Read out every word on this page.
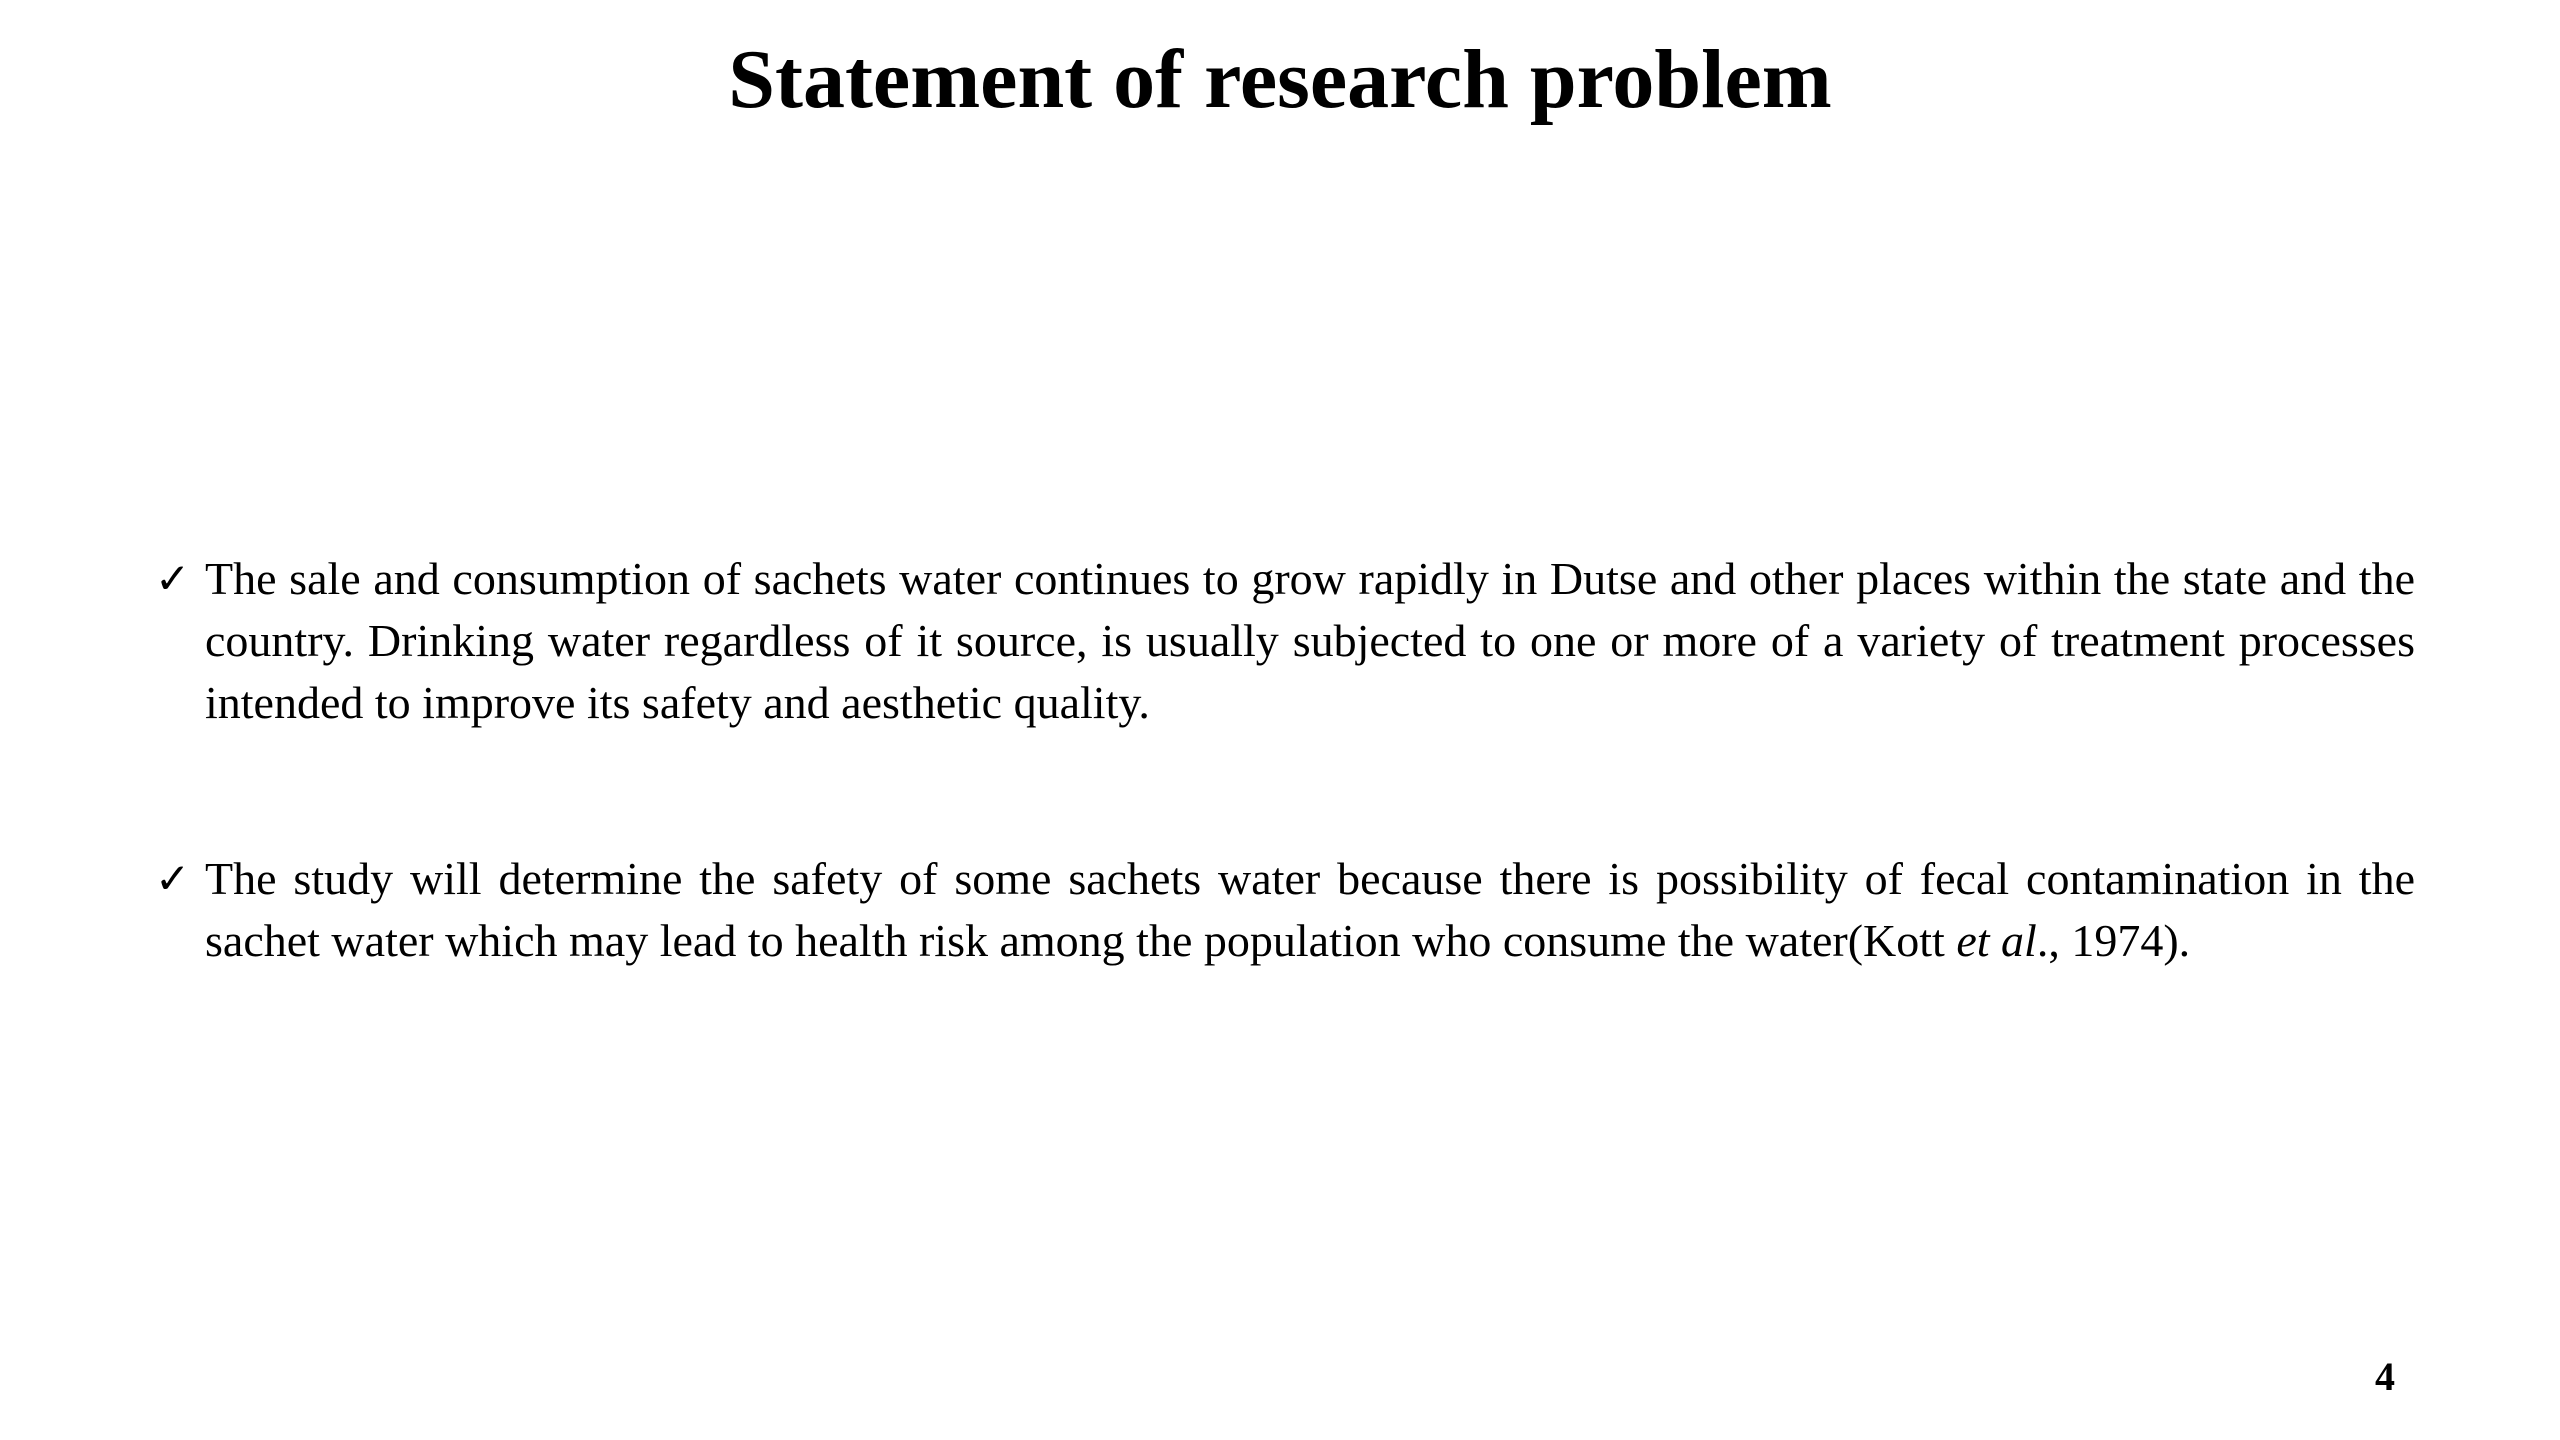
Statement of research problem
✓ The sale and consumption of sachets water continues to grow rapidly in Dutse and other places within the state and the country. Drinking water regardless of it source, is usually subjected to one or more of a variety of treatment processes intended to improve its safety and aesthetic quality.
✓ The study will determine the safety of some sachets water because there is possibility of fecal contamination in the sachet water which may lead to health risk among the population who consume the water(Kott et al., 1974).
4
